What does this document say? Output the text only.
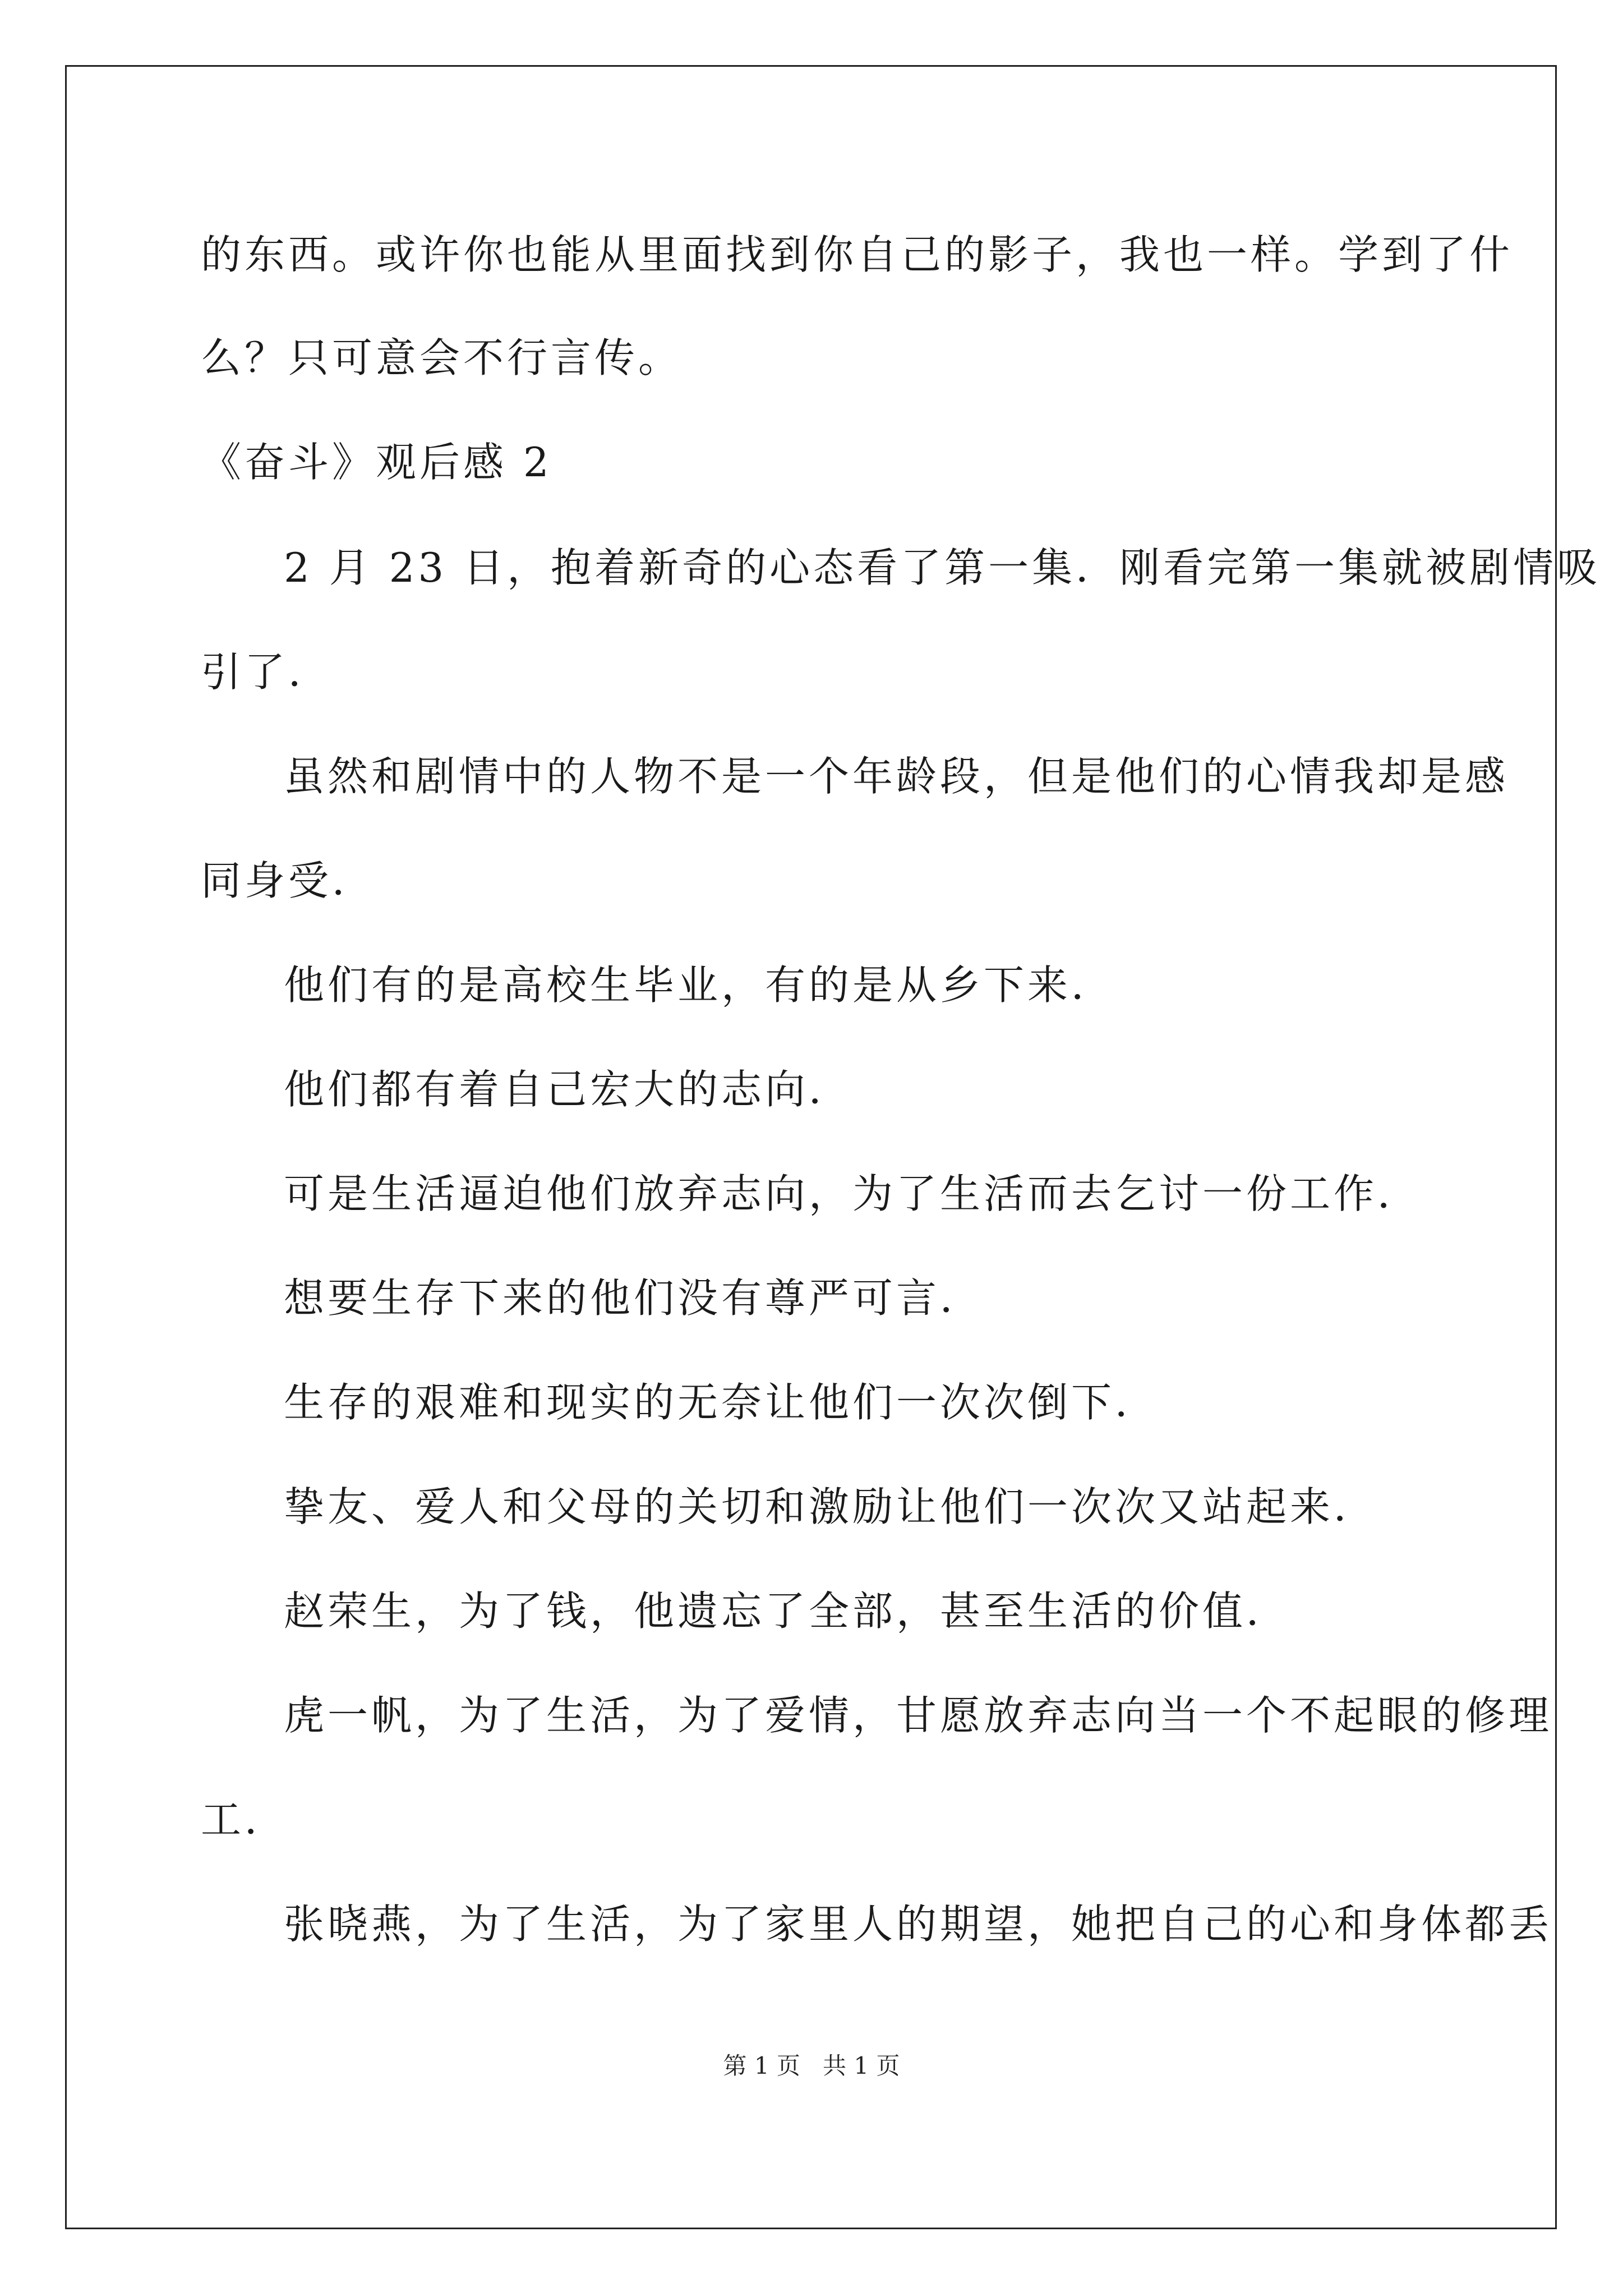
的东西。或许你也能从里面找到你自己的影子，我也一样。学到了什
么？只可意会不行言传。
《奋斗》观后感 2
2 月 23 日，抱着新奇的心态看了第一集．刚看完第一集就被剧情吸
引了．
虽然和剧情中的人物不是一个年龄段，但是他们的心情我却是感
同身受．
他们有的是高校生毕业，有的是从乡下来．
他们都有着自己宏大的志向．
可是生活逼迫他们放弃志向，为了生活而去乞讨一份工作．
想要生存下来的他们没有尊严可言．
生存的艰难和现实的无奈让他们一次次倒下．
挚友、爱人和父母的关切和激励让他们一次次又站起来．
赵荣生，为了钱，他遗忘了全部，甚至生活的价值．
虎一帆，为了生活，为了爱情，甘愿放弃志向当一个不起眼的修理
工．
张晓燕，为了生活，为了家里人的期望，她把自己的心和身体都丢
第 1 页   共 1 页
